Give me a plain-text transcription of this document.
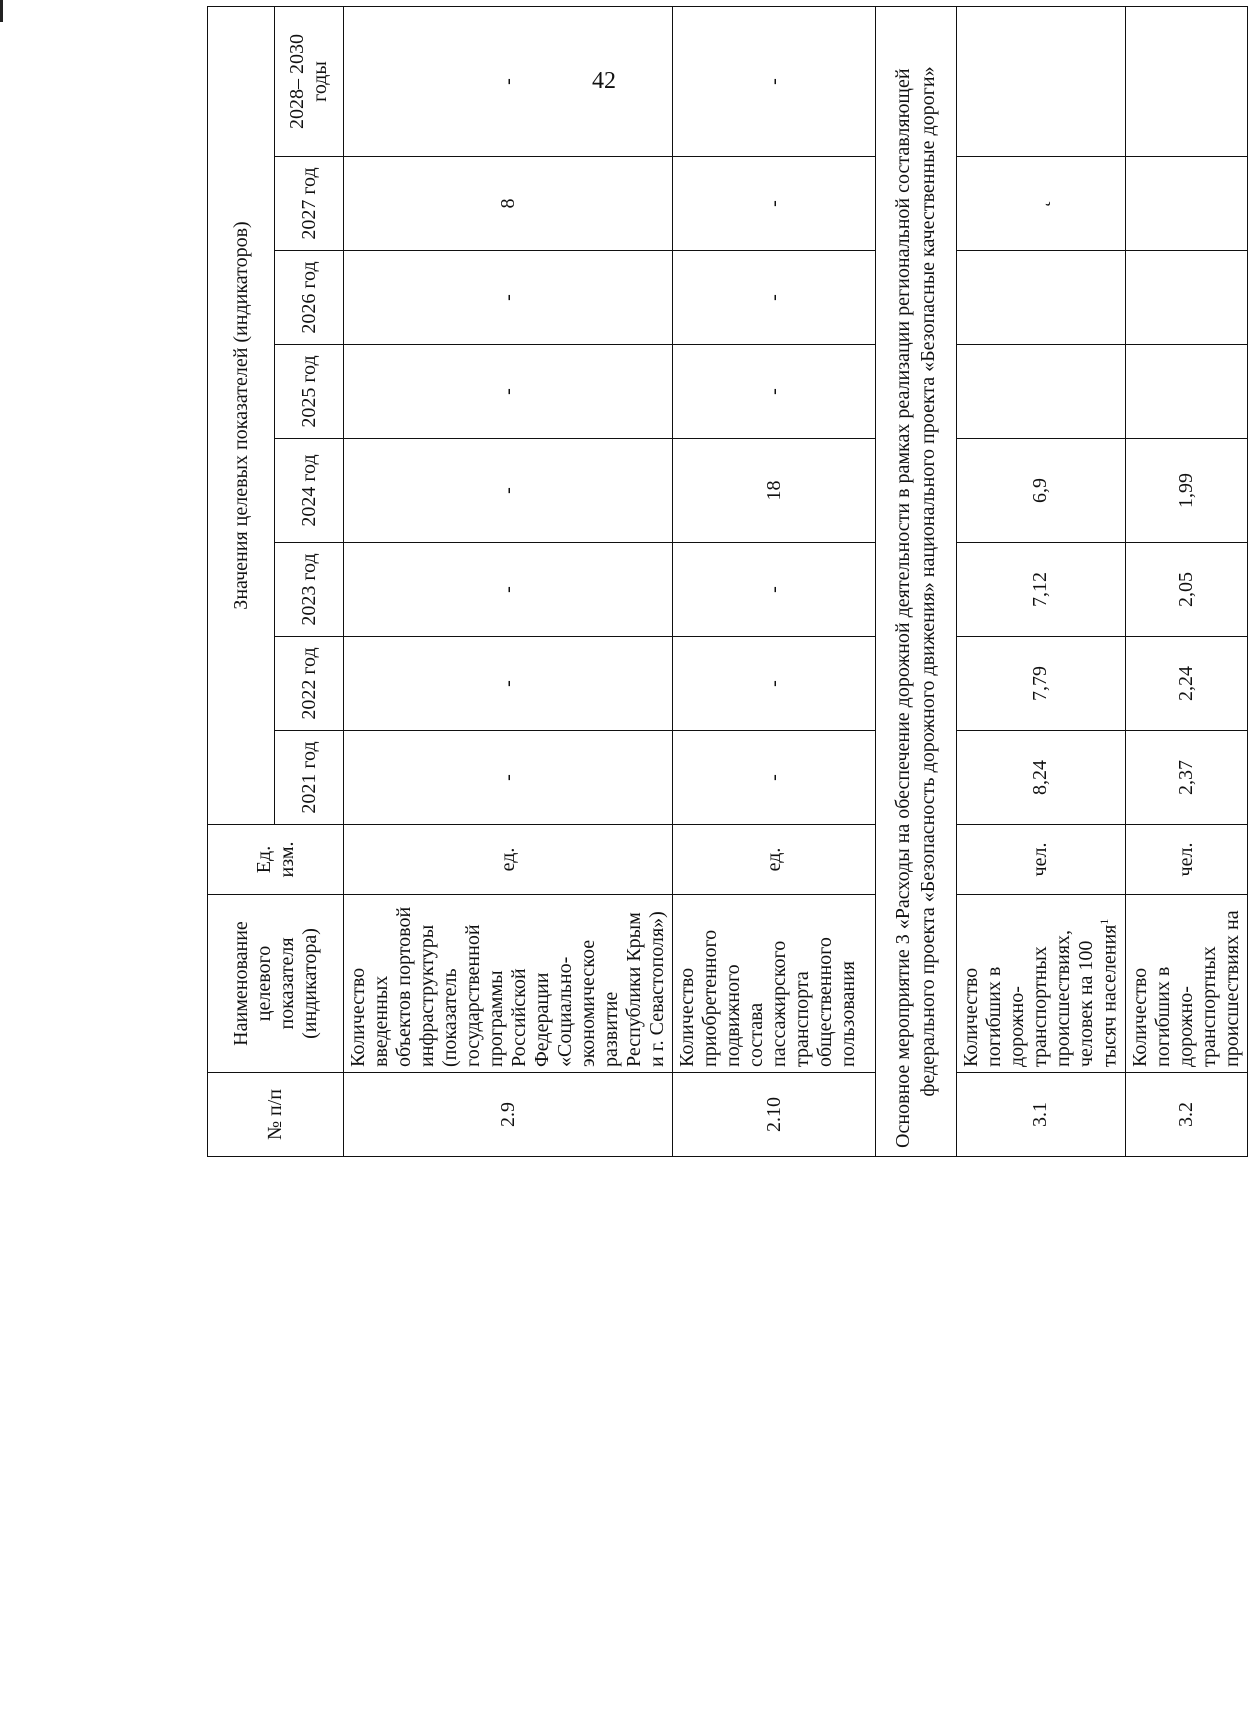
42
№ п/п	Наименование целевого показателя (индикатора)	Ед. изм.	Значения целевых показателей (индикаторов)							
			2021 год	2022 год	2023 год	2024 год	2025 год	2026 год	2027 год	2028– 2030 годы
2.9	Количество введенных объектов портовой инфраструктуры (показатель государственной программы Российской Федерации «Социально-экономическое развитие Республики Крым и г. Севастополя»)	ед.	-	-	-	-	-	-	8	-
2.10	Количество приобретенного подвижного состава пассажирского транспорта общественного пользования	ед.	-	-	-	18	-	-	-	-

Основное мероприятие 3 «Расходы на обеспечение дорожной деятельности в рамках реализации региональной составляющей федерального проекта «Безопасность дорожного движения» национального проекта «Безопасные качественные дороги»										
3.1	Количество погибших в дорожно-транспортных происшествиях, человек на 100 тысяч населения$^1$	чел.	8,24	7,79	7,12	6,9			˛	
3.2	Количество погибших в дорожно-транспортных происшествиях на	чел.	2,37	2,24	2,05	1,99				
